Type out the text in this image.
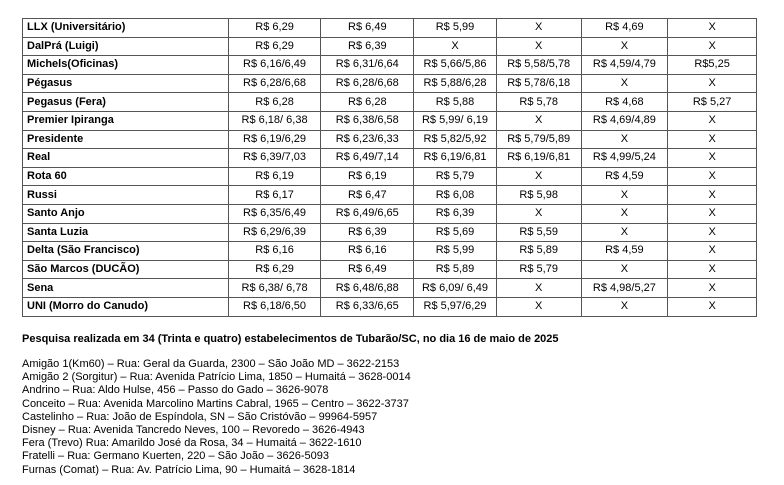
LLX (Universitário)	R$ 6,29	R$ 6,49	R$ 5,99	X	R$ 4,69	X
DalPrá (Luigi)	R$ 6,29	R$ 6,39	X	X	X	X
Michels(Oficinas)	R$ 6,16/6,49	R$ 6,31/6,64	R$ 5,66/5,86	R$ 5,58/5,78	R$ 4,59/4,79	R$5,25
Pégasus	R$ 6,28/6,68	R$ 6,28/6,68	R$ 5,88/6,28	R$ 5,78/6,18	X	X
Pegasus (Fera)	R$ 6,28	R$ 6,28	R$ 5,88	R$ 5,78	R$ 4,68	R$ 5,27
Premier Ipiranga	R$ 6,18/ 6,38	R$ 6,38/6,58	R$ 5,99/ 6,19	X	R$ 4,69/4,89	X
Presidente	R$ 6,19/6,29	R$ 6,23/6,33	R$ 5,82/5,92	R$ 5,79/5,89	X	X
Real	R$ 6,39/7,03	R$ 6,49/7,14	R$ 6,19/6,81	R$ 6,19/6,81	R$ 4,99/5,24	X
Rota 60	R$ 6,19	R$ 6,19	R$ 5,79	X	R$ 4,59	X
Russi	R$ 6,17	R$ 6,47	R$ 6,08	R$ 5,98	X	X
Santo Anjo	R$ 6,35/6,49	R$ 6,49/6,65	R$ 6,39	X	X	X
Santa Luzia	R$ 6,29/6,39	R$ 6,39	R$ 5,69	R$ 5,59	X	X
Delta (São Francisco)	R$ 6,16	R$ 6,16	R$ 5,99	R$ 5,89	R$ 4,59	X
São Marcos (DUCÃO)	R$ 6,29	R$ 6,49	R$ 5,89	R$ 5,79	X	X
Sena	R$ 6,38/ 6,78	R$ 6,48/6,88	R$ 6,09/ 6,49	X	R$ 4,98/5,27	X
UNI (Morro do Canudo)	R$ 6,18/6,50	R$ 6,33/6,65	R$ 5,97/6,29	X	X	X
Pesquisa realizada em 34 (Trinta e quatro) estabelecimentos de Tubarão/SC, no dia 16 de maio de 2025
Amigão 1(Km60) – Rua: Geral da Guarda, 2300 – São João MD – 3622-2153
Amigão 2 (Sorgitur) – Rua: Avenida Patrício Lima, 1850 – Humaitá – 3628-0014
Andrino – Rua: Aldo Hulse, 456 – Passo do Gado – 3626-9078
Conceito – Rua: Avenida Marcolino Martins Cabral, 1965 – Centro – 3622-3737
Castelinho – Rua: João de Espíndola, SN – São Cristóvão – 99964-5957
Disney – Rua: Avenida Tancredo Neves, 100 – Revoredo – 3626-4943
Fera (Trevo) Rua: Amarildo José da Rosa, 34 – Humaitá – 3622-1610
Fratelli – Rua: Germano Kuerten, 220 – São João – 3626-5093
Furnas (Comat) – Rua: Av. Patrício Lima, 90 – Humaitá – 3628-1814
